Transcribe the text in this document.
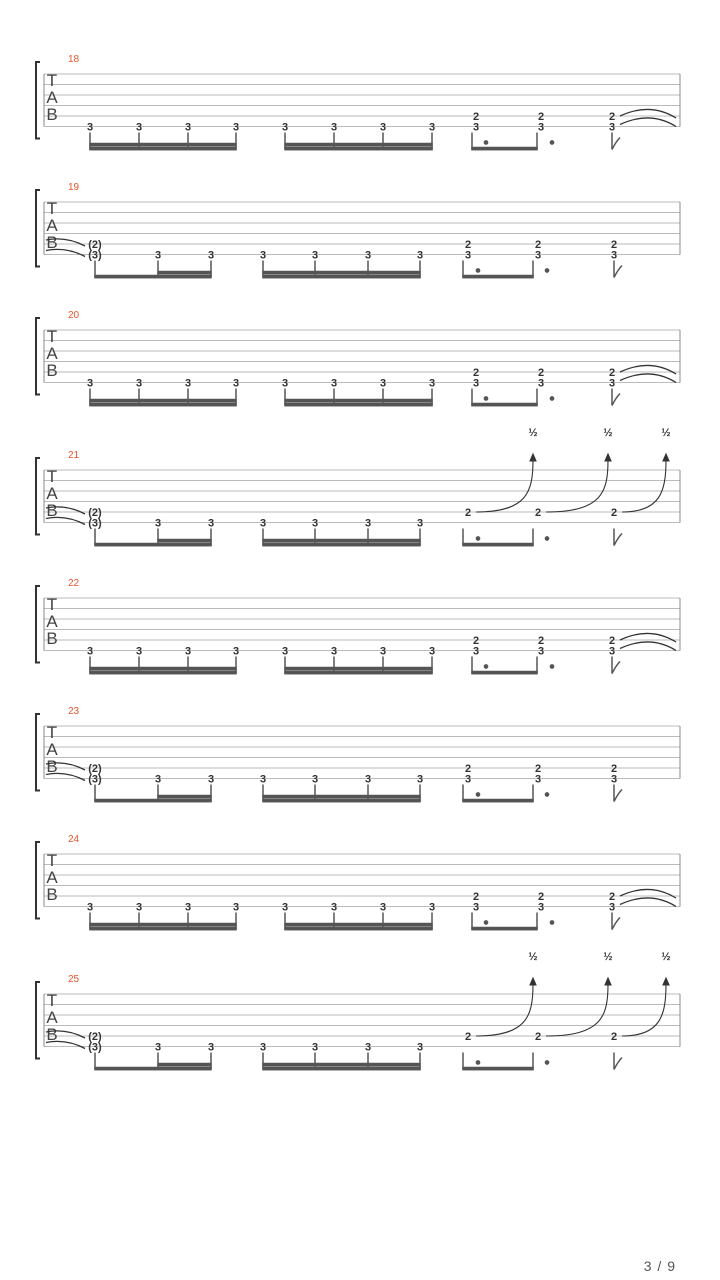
T
A
B
18
3	3	3	3	3	3	3	3
2
3
2
3
2
3
T
A
B
19
(2)
(3)	3	3	3	3	3	3
2
3
2
3
2
3
T
A
B
20
3	3	3	3	3	3	3	3
2
3
2
3
2
3
T
A
B
21
(2)
(3)	3	3	3	3	3	3
2	2	2
½	½	½
T
A
B
22
3	3	3	3	3	3	3	3
2
3
2
3
2
3
T
A
B
23
(2)
(3)	3	3	3	3	3	3
2
3
2
3
2
3
T
A
B
24
3	3	3	3	3	3	3	3
2
3
2
3
2
3
T
A
B
25
(2)
(3)	3	3	3	3	3	3
2	2	2
½	½	½
3 / 9
